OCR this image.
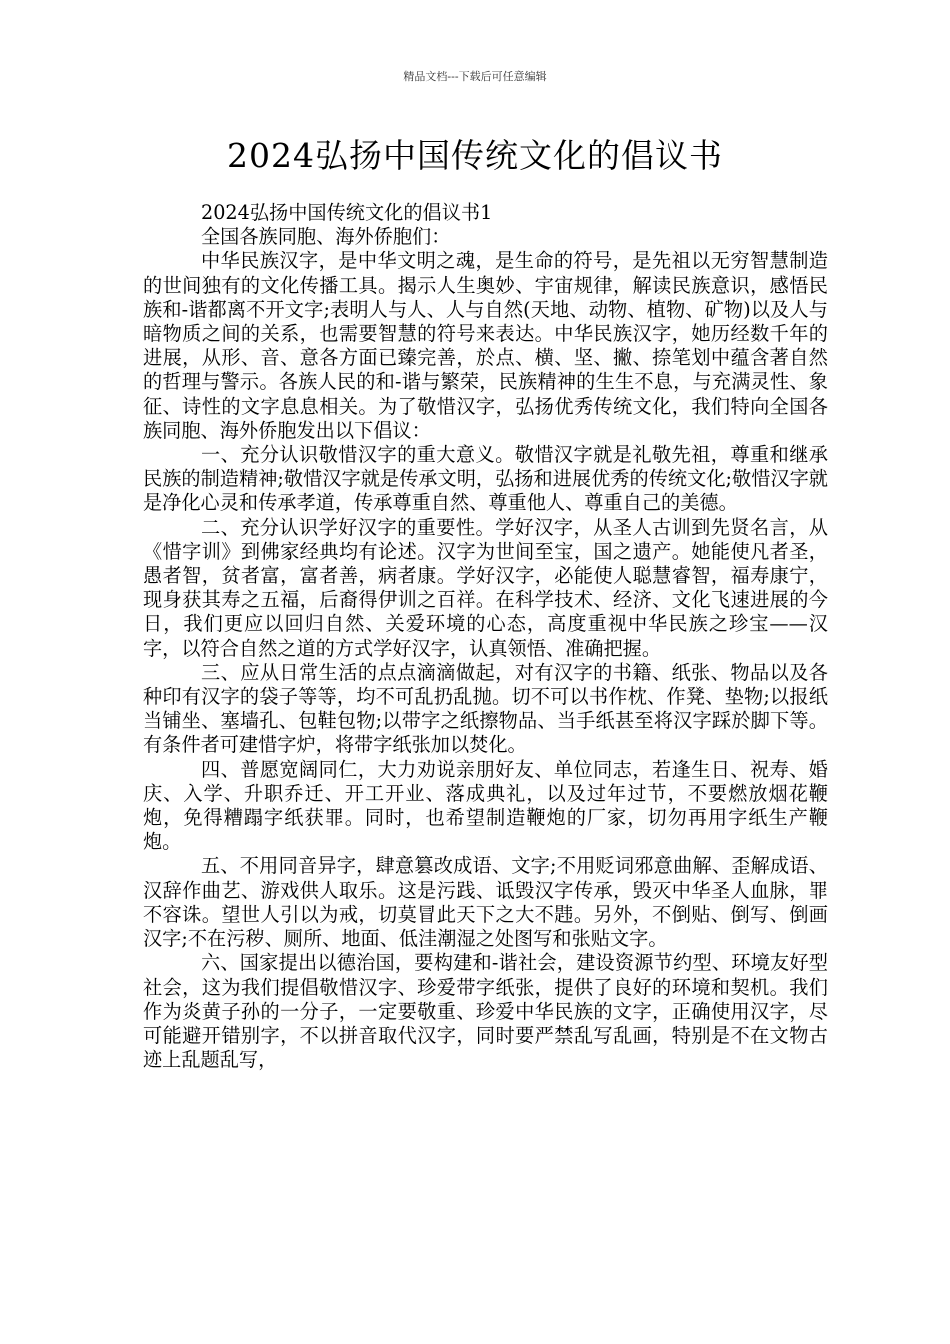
精品文档---下载后可任意编辑
2024弘扬中国传统文化的倡议书

2024弘扬中国传统文化的倡议书1

全国各族同胞、海外侨胞们：

中华民族汉字，是中华文明之魂，是生命的符号，是先祖以无穷智慧制造的世间独有的文化传播工具。揭示人生奥妙、宇宙规律，解读民族意识，感悟民族和-谐都离不开文字;表明人与人、人与自然(天地、动物、植物、矿物)以及人与暗物质之间的关系，也需要智慧的符号来表达。中华民族汉字，她历经数千年的进展，从形、音、意各方面已臻完善，於点、横、坚、撇、捺笔划中蕴含著自然的哲理与警示。各族人民的和-谐与繁荣，民族精神的生生不息，与充满灵性、象征、诗性的文字息息相关。为了敬惜汉字，弘扬优秀传统文化，我们特向全国各族同胞、海外侨胞发出以下倡议：

一、充分认识敬惜汉字的重大意义。敬惜汉字就是礼敬先祖，尊重和继承民族的制造精神;敬惜汉字就是传承文明，弘扬和进展优秀的传统文化;敬惜汉字就是净化心灵和传承孝道，传承尊重自然、尊重他人、尊重自己的美德。

二、充分认识学好汉字的重要性。学好汉字，从圣人古训到先贤名言，从《惜字训》到佛家经典均有论述。汉字为世间至宝，国之遗产。她能使凡者圣，愚者智，贫者富，富者善，病者康。学好汉字，必能使人聪慧睿智，福寿康宁，现身获其寿之五福，后裔得伊训之百祥。在科学技术、经济、文化飞速进展的今日，我们更应以回归自然、关爱环境的心态，高度重视中华民族之珍宝——汉字，以符合自然之道的方式学好汉字，认真领悟、准确把握。

三、应从日常生活的点点滴滴做起，对有汉字的书籍、纸张、物品以及各种印有汉字的袋子等等，均不可乱扔乱抛。切不可以书作枕、作凳、垫物;以报纸当铺坐、塞墙孔、包鞋包物;以带字之纸擦物品、当手纸甚至将汉字踩於脚下等。有条件者可建惜字炉，将带字纸张加以焚化。

四、普愿宽阔同仁，大力劝说亲朋好友、单位同志，若逢生日、祝寿、婚庆、入学、升职乔迁、开工开业、落成典礼，以及过年过节，不要燃放烟花鞭炮，免得糟蹋字纸获罪。同时，也希望制造鞭炮的厂家，切勿再用字纸生产鞭炮。

五、不用同音异字，肆意篡改成语、文字;不用贬词邪意曲解、歪解成语、汉辞作曲艺、游戏供人取乐。这是污践、诋毁汉字传承，毁灭中华圣人血脉，罪不容诛。望世人引以为戒，切莫冒此天下之大不韪。另外，不倒贴、倒写、倒画汉字;不在污秽、厕所、地面、低洼潮湿之处图写和张贴文字。

六、国家提出以德治国，要构建和-谐社会，建设资源节约型、环境友好型社会，这为我们提倡敬惜汉字、珍爱带字纸张，提供了良好的环境和契机。我们作为炎黄子孙的一分子，一定要敬重、珍爱中华民族的文字，正确使用汉字，尽可能避开错别字，不以拼音取代汉字，同时要严禁乱写乱画，特别是不在文物古迹上乱题乱写，
